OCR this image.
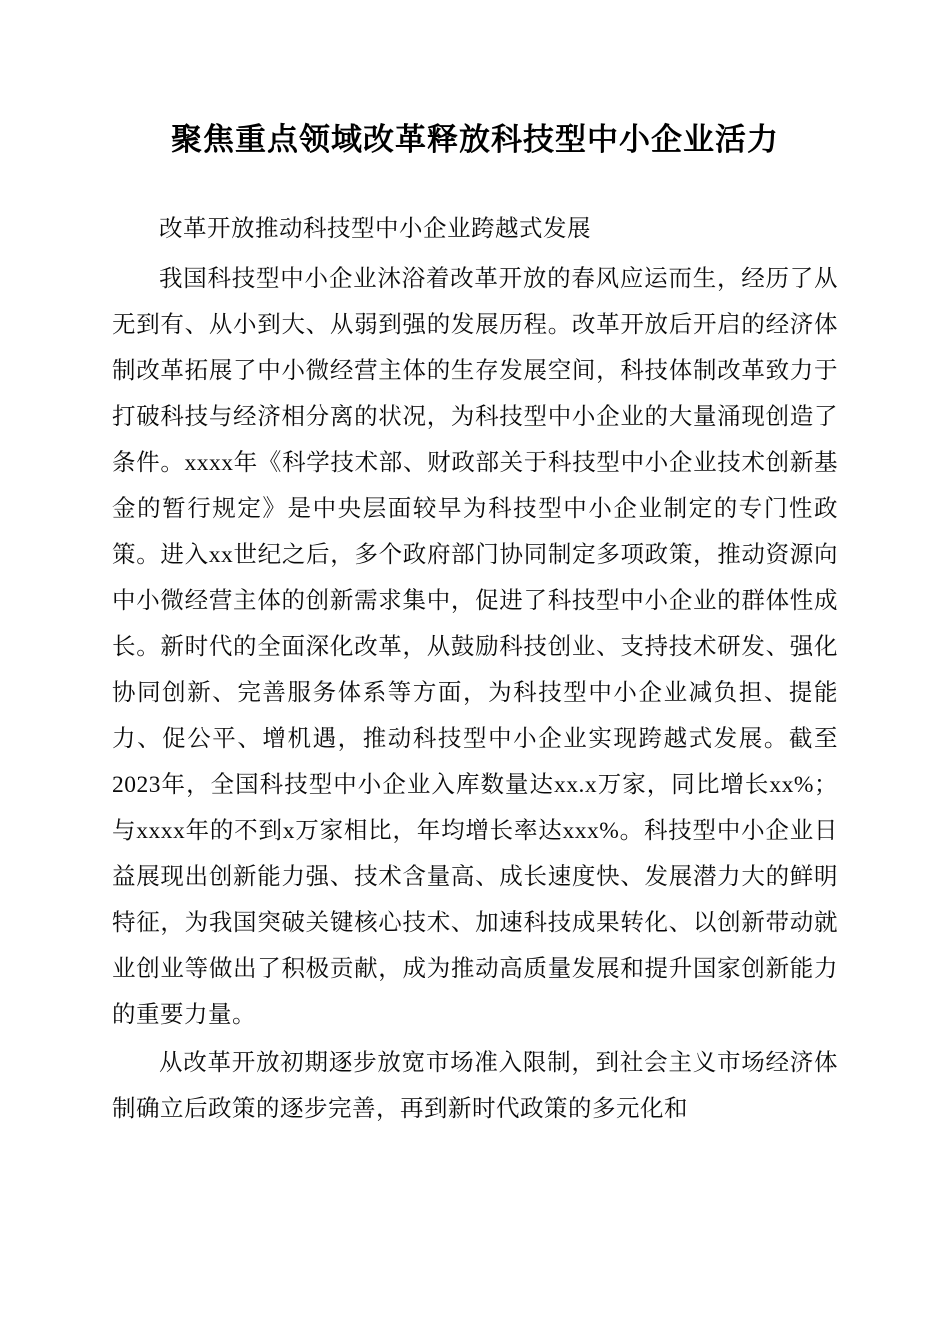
聚焦重点领域改革释放科技型中小企业活力

改革开放推动科技型中小企业跨越式发展

我国科技型中小企业沐浴着改革开放的春风应运而生，经历了从无到有、从小到大、从弱到强的发展历程。改革开放后开启的经济体制改革拓展了中小微经营主体的生存发展空间，科技体制改革致力于打破科技与经济相分离的状况，为科技型中小企业的大量涌现创造了条件。xxxx年《科学技术部、财政部关于科技型中小企业技术创新基金的暂行规定》是中央层面较早为科技型中小企业制定的专门性政策。进入xx世纪之后，多个政府部门协同制定多项政策，推动资源向中小微经营主体的创新需求集中，促进了科技型中小企业的群体性成长。新时代的全面深化改革，从鼓励科技创业、支持技术研发、强化协同创新、完善服务体系等方面，为科技型中小企业减负担、提能力、促公平、增机遇，推动科技型中小企业实现跨越式发展。截至2023年，全国科技型中小企业入库数量达xx.x万家，同比增长xx%；与xxxx年的不到x万家相比，年均增长率达xxx%。科技型中小企业日益展现出创新能力强、技术含量高、成长速度快、发展潜力大的鲜明特征，为我国突破关键核心技术、加速科技成果转化、以创新带动就业创业等做出了积极贡献，成为推动高质量发展和提升国家创新能力的重要力量。

从改革开放初期逐步放宽市场准入限制，到社会主义市场经济体制确立后政策的逐步完善，再到新时代政策的多元化和
